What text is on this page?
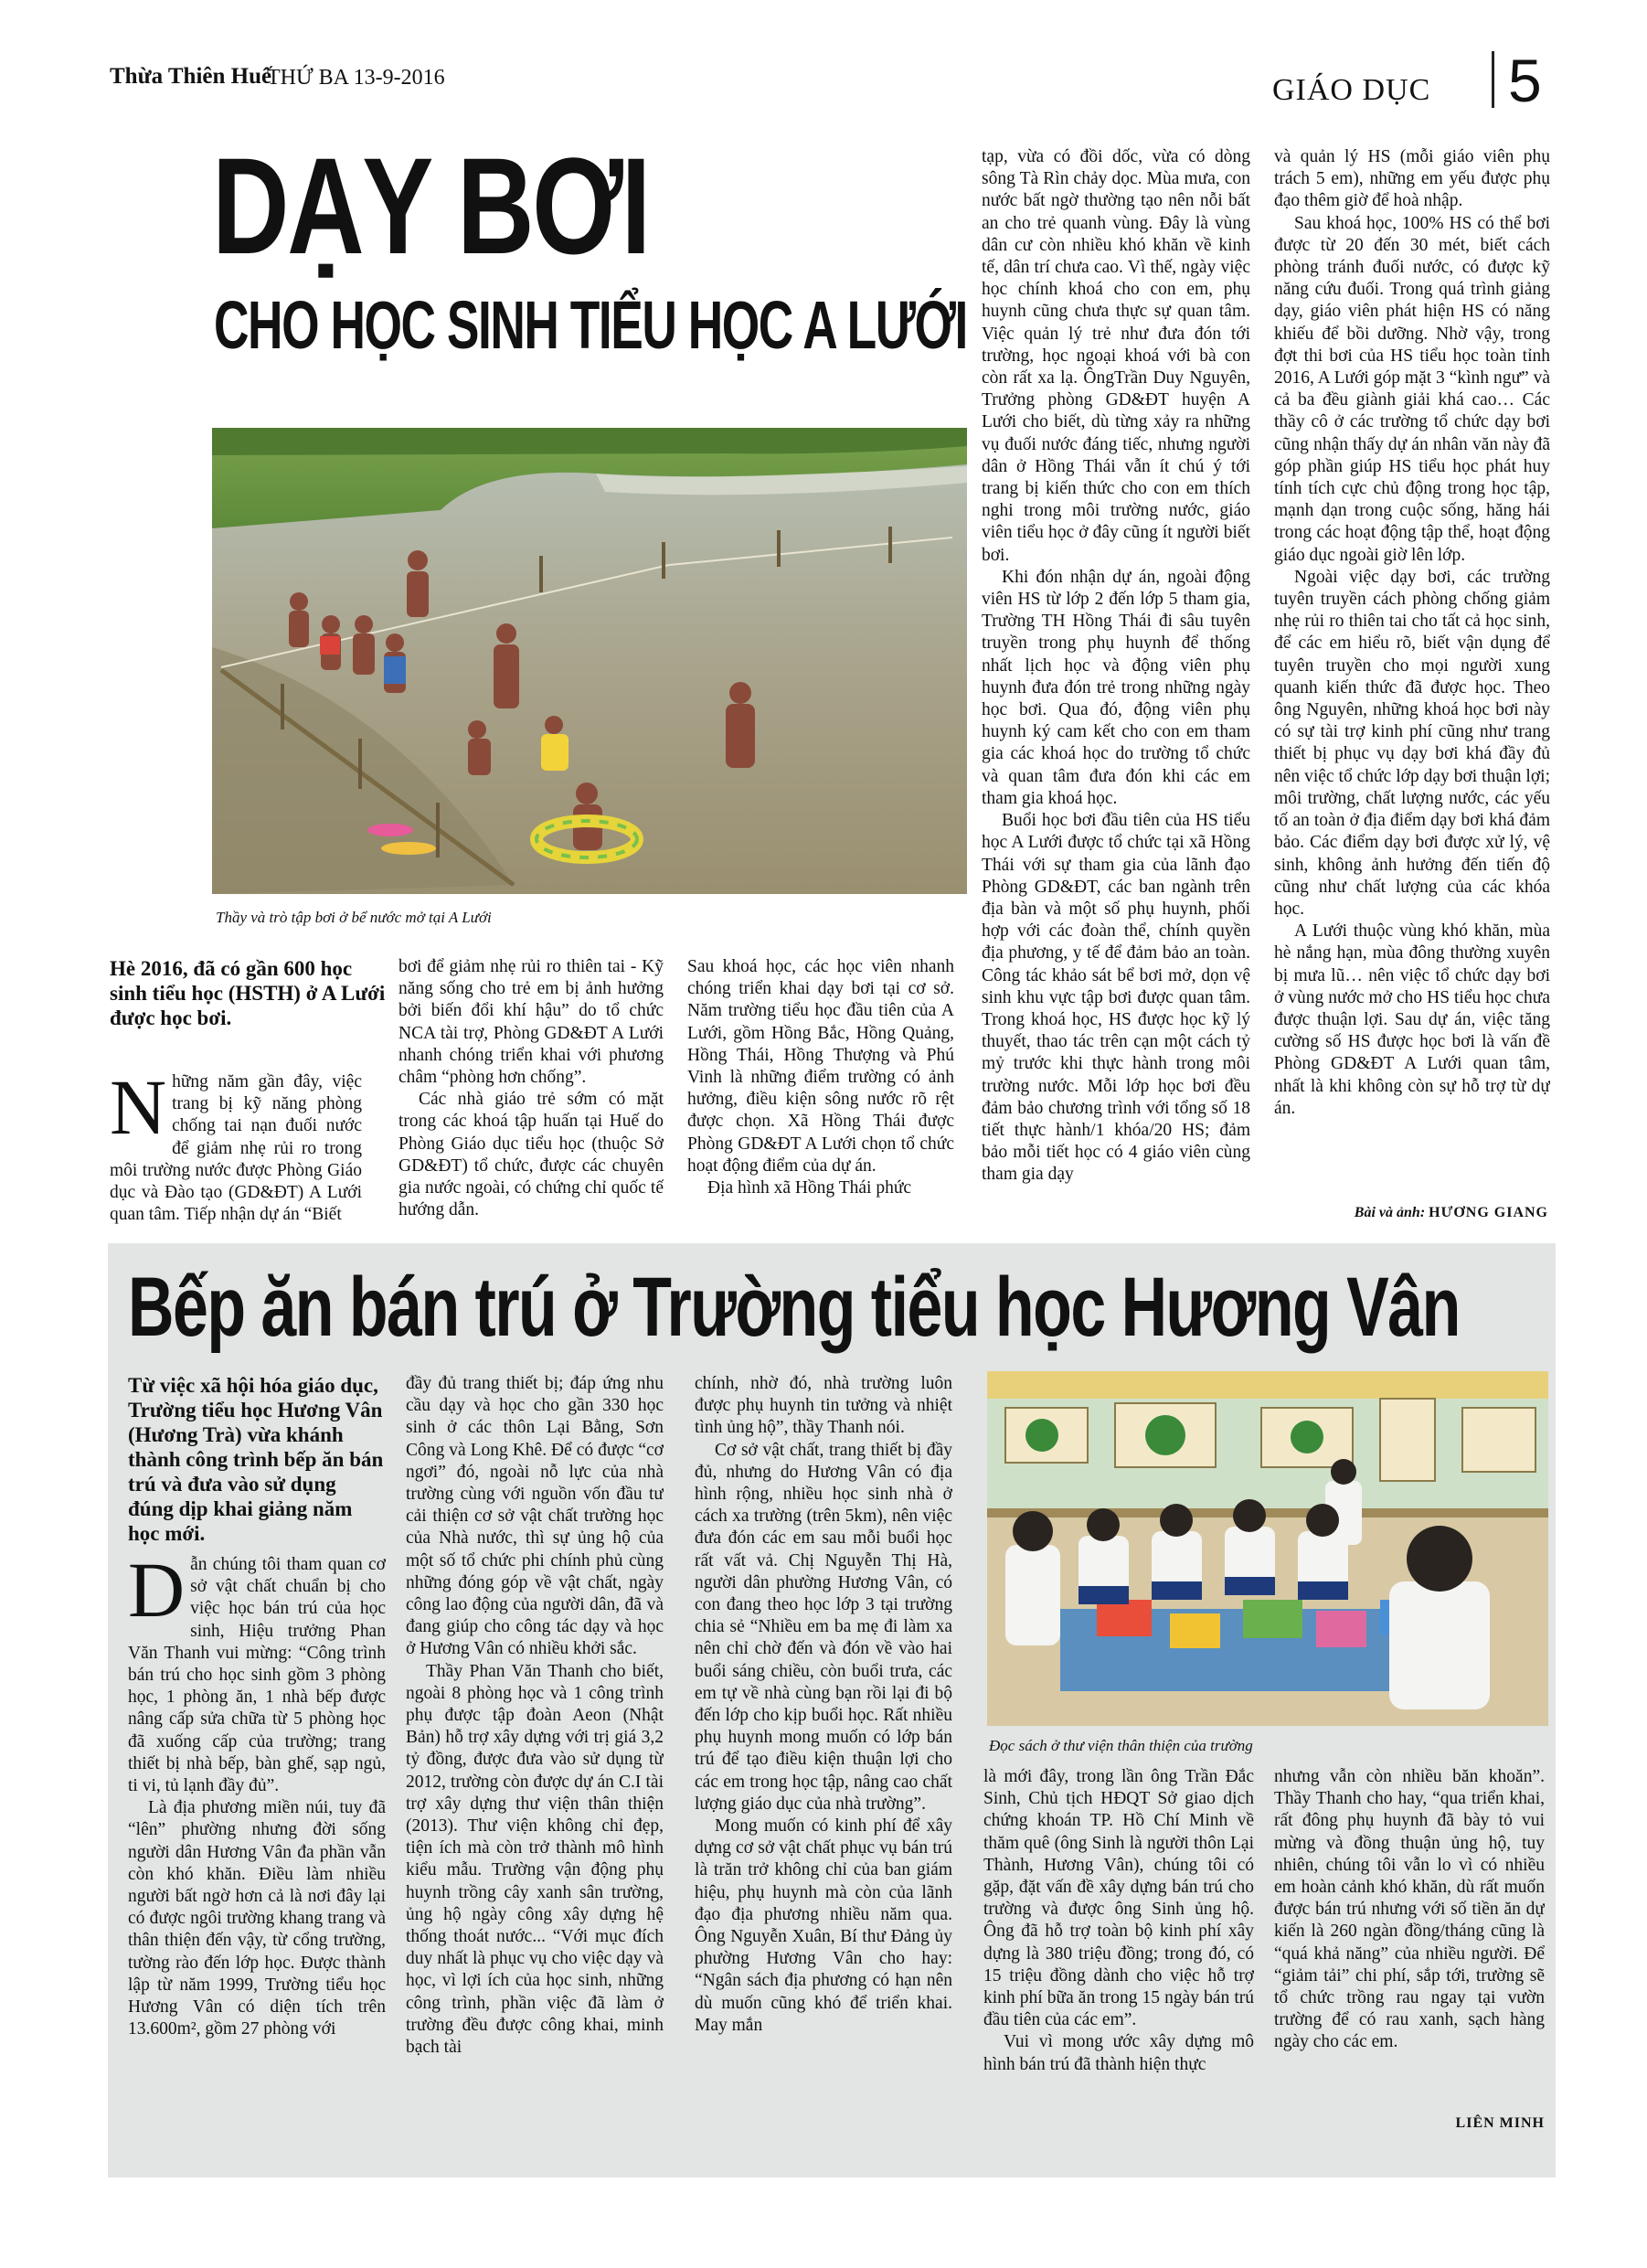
Thừa Thiên Huế
THỨ BA 13-9-2016	GIÁO DỤC 5
DẠY BƠI
CHO HỌC SINH TIỂU HỌC A LƯỚI
Thầy và trò tập bơi ở bể nước mở tại A Lưới
Hè 2016, đã có gần 600 học sinh tiểu học (HSTH) ở A Lưới được học bơi.
N hững năm gần đây, việc trang bị kỹ năng phòng chống tai nạn đuối nước để giảm nhẹ rủi ro trong môi trường nước được Phòng Giáo dục và Đào tạo (GD&ĐT) A Lưới quan tâm. Tiếp nhận dự án “Biết

bơi để giảm nhẹ rủi ro thiên tai - Kỹ năng sống cho trẻ em bị ảnh hưởng bởi biến đổi khí hậu” do tổ chức NCA tài trợ, Phòng GD&ĐT A Lưới nhanh chóng triển khai với phương châm “phòng hơn chống”.

Các nhà giáo trẻ sớm có mặt trong các khoá tập huấn tại Huế do Phòng Giáo dục tiểu học (thuộc Sở GD&ĐT) tổ chức, được các chuyên gia nước ngoài, có chứng chỉ quốc tế hướng dẫn.

Sau khoá học, các học viên nhanh chóng triển khai dạy bơi tại cơ sở. Năm trường tiểu học đầu tiên của A Lưới, gồm Hồng Bắc, Hồng Quảng, Hồng Thái, Hồng Thượng và Phú Vinh là những điểm trường có ảnh hưởng, điều kiện sông nước rõ rệt được chọn. Xã Hồng Thái được Phòng GD&ĐT A Lưới chọn tổ chức hoạt động điểm của dự án.

Địa hình xã Hồng Thái phức

tạp, vừa có đồi dốc, vừa có dòng sông Tà Rìn chảy dọc. Mùa mưa, con nước bất ngờ thường tạo nên nỗi bất an cho trẻ quanh vùng. Đây là vùng dân cư còn nhiều khó khăn về kinh tế, dân trí chưa cao. Vì thế, ngày việc học chính khoá cho con em, phụ huynh cũng chưa thực sự quan tâm. Việc quản lý trẻ như đưa đón tới trường, học ngoại khoá với bà con còn rất xa lạ. ÔngTrần Duy Nguyên, Trưởng phòng GD&ĐT huyện A Lưới cho biết, dù từng xảy ra những vụ đuối nước đáng tiếc, nhưng người dân ở Hồng Thái vẫn ít chú ý tới trang bị kiến thức cho con em thích nghi trong môi trường nước, giáo viên tiểu học ở đây cũng ít người biết bơi.

Khi đón nhận dự án, ngoài động viên HS từ lớp 2 đến lớp 5 tham gia, Trường TH Hồng Thái đi sâu tuyên truyền trong phụ huynh để thống nhất lịch học và động viên phụ huynh đưa đón trẻ trong những ngày học bơi. Qua đó, động viên phụ huynh ký cam kết cho con em tham gia các khoá học do trường tổ chức và quan tâm đưa đón khi các em tham gia khoá học.

Buổi học bơi đầu tiên của HS tiểu học A Lưới được tổ chức tại xã Hồng Thái với sự tham gia của lãnh đạo Phòng GD&ĐT, các ban ngành trên địa bàn và một số phụ huynh, phối hợp với các đoàn thể, chính quyền địa phương, y tế để đảm bảo an toàn. Công tác khảo sát bể bơi mở, dọn vệ sinh khu vực tập bơi được quan tâm. Trong khoá học, HS được học kỹ lý thuyết, thao tác trên cạn một cách tỷ mỷ trước khi thực hành trong môi trường nước. Mỗi lớp học bơi đều đảm bảo chương trình với tổng số 18 tiết thực hành/1 khóa/20 HS; đảm bảo mỗi tiết học có 4 giáo viên cùng tham gia dạy

và quản lý HS (mỗi giáo viên phụ trách 5 em), những em yếu được phụ đạo thêm giờ để hoà nhập.

Sau khoá học, 100% HS có thể bơi được từ 20 đến 30 mét, biết cách phòng tránh đuối nước, có được kỹ năng cứu đuối. Trong quá trình giảng dạy, giáo viên phát hiện HS có năng khiếu để bồi dưỡng. Nhờ vậy, trong đợt thi bơi của HS tiểu học toàn tỉnh 2016, A Lưới góp mặt 3 “kình ngư” và cả ba đều giành giải khá cao… Các thầy cô ở các trường tổ chức dạy bơi cũng nhận thấy dự án nhân văn này đã góp phần giúp HS tiểu học phát huy tính tích cực chủ động trong học tập, mạnh dạn trong cuộc sống, hăng hái trong các hoạt động tập thể, hoạt động giáo dục ngoài giờ lên lớp.

Ngoài việc dạy bơi, các trường tuyên truyền cách phòng chống giảm nhẹ rủi ro thiên tai cho tất cả học sinh, để các em hiểu rõ, biết vận dụng để tuyên truyền cho mọi người xung quanh kiến thức đã được học. Theo ông Nguyên, những khoá học bơi này có sự tài trợ kinh phí cũng như trang thiết bị phục vụ dạy bơi khá đầy đủ nên việc tổ chức lớp dạy bơi thuận lợi; môi trường, chất lượng nước, các yếu tố an toàn ở địa điểm dạy bơi khá đảm bảo. Các điểm dạy bơi được xử lý, vệ sinh, không ảnh hưởng đến tiến độ cũng như chất lượng của các khóa học.

A Lưới thuộc vùng khó khăn, mùa hè nắng hạn, mùa đông thường xuyên bị mưa lũ… nên việc tổ chức dạy bơi ở vùng nước mở cho HS tiểu học chưa được thuận lợi. Sau dự án, việc tăng cường số HS được học bơi là vấn đề Phòng GD&ĐT A Lưới quan tâm, nhất là khi không còn sự hỗ trợ từ dự án.

Bài và ảnh: HƯƠNG GIANG
Bếp ăn bán trú ở Trường tiểu học Hương Vân
Từ việc xã hội hóa giáo dục, Trường tiểu học Hương Vân (Hương Trà) vừa khánh thành công trình bếp ăn bán trú và đưa vào sử dụng đúng dịp khai giảng năm học mới.
D ẫn chúng tôi tham quan cơ sở vật chất chuẩn bị cho việc học bán trú của học sinh, Hiệu trưởng Phan Văn Thanh vui mừng: “Công trình bán trú cho học sinh gồm 3 phòng học, 1 phòng ăn, 1 nhà bếp được nâng cấp sửa chữa từ 5 phòng học đã xuống cấp của trường; trang thiết bị nhà bếp, bàn ghế, sạp ngủ, ti vi, tủ lạnh đầy đủ”.

Là địa phương miền núi, tuy đã “lên” phường nhưng đời sống người dân Hương Vân đa phần vẫn còn khó khăn. Điều làm nhiều người bất ngờ hơn cả là nơi đây lại có được ngôi trường khang trang và thân thiện đến vậy, từ cổng trường, tường rào đến lớp học. Được thành lập từ năm 1999, Trường tiểu học Hương Vân có diện tích trên 13.600m², gồm 27 phòng với

đầy đủ trang thiết bị; đáp ứng nhu cầu dạy và học cho gần 330 học sinh ở các thôn Lại Bằng, Sơn Công và Long Khê. Để có được “cơ ngơi” đó, ngoài nỗ lực của nhà trường cùng với nguồn vốn đầu tư cải thiện cơ sở vật chất trường học của Nhà nước, thì sự ủng hộ của một số tổ chức phi chính phủ cùng những đóng góp về vật chất, ngày công lao động của người dân, đã và đang giúp cho công tác dạy và học ở Hương Vân có nhiều khởi sắc.

Thầy Phan Văn Thanh cho biết, ngoài 8 phòng học và 1 công trình phụ được tập đoàn Aeon (Nhật Bản) hỗ trợ xây dựng với trị giá 3,2 tỷ đồng, được đưa vào sử dụng từ 2012, trường còn được dự án C.I tài trợ xây dựng thư viện thân thiện (2013). Thư viện không chỉ đẹp, tiện ích mà còn trở thành mô hình kiểu mẫu. Trường vận động phụ huynh trồng cây xanh sân trường, ủng hộ ngày công xây dựng hệ thống thoát nước... “Với mục đích duy nhất là phục vụ cho việc dạy và học, vì lợi ích của học sinh, những công trình, phần việc đã làm ở trường đều được công khai, minh bạch tài

chính, nhờ đó, nhà trường luôn được phụ huynh tin tưởng và nhiệt tình ủng hộ”, thầy Thanh nói.

Cơ sở vật chất, trang thiết bị đầy đủ, nhưng do Hương Vân có địa hình rộng, nhiều học sinh nhà ở cách xa trường (trên 5km), nên việc đưa đón các em sau mỗi buổi học rất vất vả. Chị Nguyễn Thị Hà, người dân phường Hương Vân, có con đang theo học lớp 3 tại trường chia sẻ “Nhiều em ba mẹ đi làm xa nên chỉ chờ đến và đón về vào hai buổi sáng chiều, còn buổi trưa, các em tự về nhà cùng bạn rồi lại đi bộ đến lớp cho kịp buổi học. Rất nhiều phụ huynh mong muốn có lớp bán trú để tạo điều kiện thuận lợi cho các em trong học tập, nâng cao chất lượng giáo dục của nhà trường”.

Mong muốn có kinh phí để xây dựng cơ sở vật chất phục vụ bán trú là trăn trở không chỉ của ban giám hiệu, phụ huynh mà còn của lãnh đạo địa phương nhiều năm qua. Ông Nguyễn Xuân, Bí thư Đảng ủy phường Hương Vân cho hay: “Ngân sách địa phương có hạn nên dù muốn cũng khó để triển khai. May mắn

Đọc sách ở thư viện thân thiện của trường

là mới đây, trong lần ông Trần Đắc Sinh, Chủ tịch HĐQT Sở giao dịch chứng khoán TP. Hồ Chí Minh về thăm quê (ông Sinh là người thôn Lại Thành, Hương Vân), chúng tôi có gặp, đặt vấn đề xây dựng bán trú cho trường và được ông Sinh ủng hộ. Ông đã hỗ trợ toàn bộ kinh phí xây dựng là 380 triệu đồng; trong đó, có 15 triệu đồng dành cho việc hỗ trợ kinh phí bữa ăn trong 15 ngày bán trú đầu tiên của các em”.

Vui vì mong ước xây dựng mô hình bán trú đã thành hiện thực

nhưng vẫn còn nhiều băn khoăn”. Thầy Thanh cho hay, “qua triển khai, rất đông phụ huynh đã bày tỏ vui mừng và đồng thuận ủng hộ, tuy nhiên, chúng tôi vẫn lo vì có nhiều em hoàn cảnh khó khăn, dù rất muốn được bán trú nhưng với số tiền ăn dự kiến là 260 ngàn đồng/tháng cũng là “quá khả năng” của nhiều người. Để “giảm tải” chi phí, sắp tới, trường sẽ tổ chức trồng rau ngay tại vườn trường để có rau xanh, sạch hàng ngày cho các em.

LIÊN MINH
